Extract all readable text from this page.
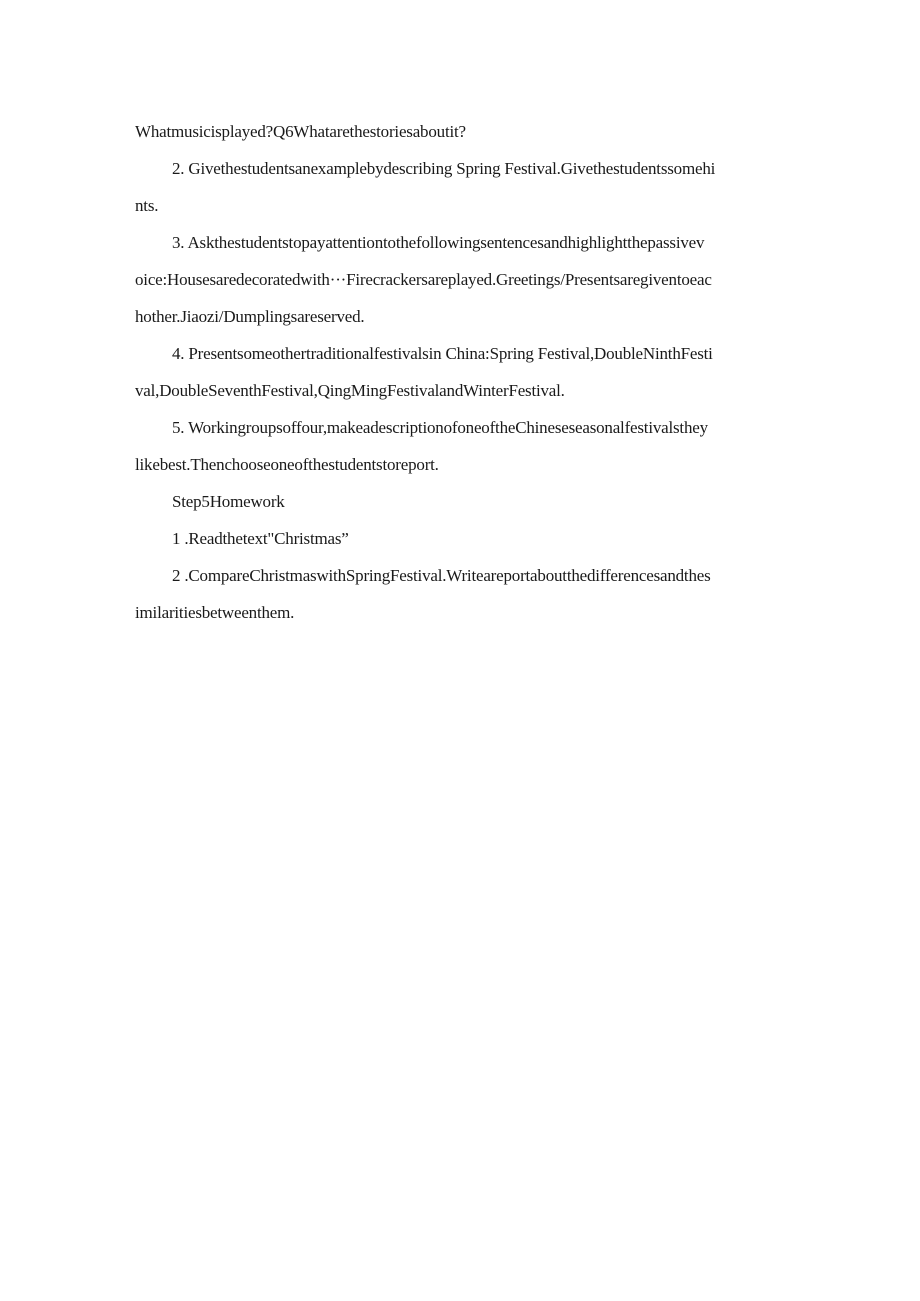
Whatmusicisplayed?Q6Whatarethestoriesaboutit?
2. Givethestudentsanexamplebydescribing Spring Festival.Givethestudentssomehi
nts.
3. Askthestudentstopayattentiontothefollowingsentencesandhighlightthepassivev
oice:Housesaredecoratedwith···Firecrackersareplayed.Greetings/Presentsaregiventoeac
hother.Jiaozi/Dumplingsareserved.
4. Presentsomeothertraditionalfestivalsin China:Spring Festival,DoubleNinthFesti
val,DoubleSeventhFestival,QingMingFestivalandWinterFestival.
5. Workingroupsoffour,makeadescriptionofoneoftheChineseseasonalfestivalsthey
likebest.Thenchooseoneofthestudentstoreport.
Step5Homework
1 .Readthetext"Christmas”
2 .CompareChristmaswithSpringFestival.Writeareportaboutthedifferencesandthes
imilaritiesbetweenthem.
